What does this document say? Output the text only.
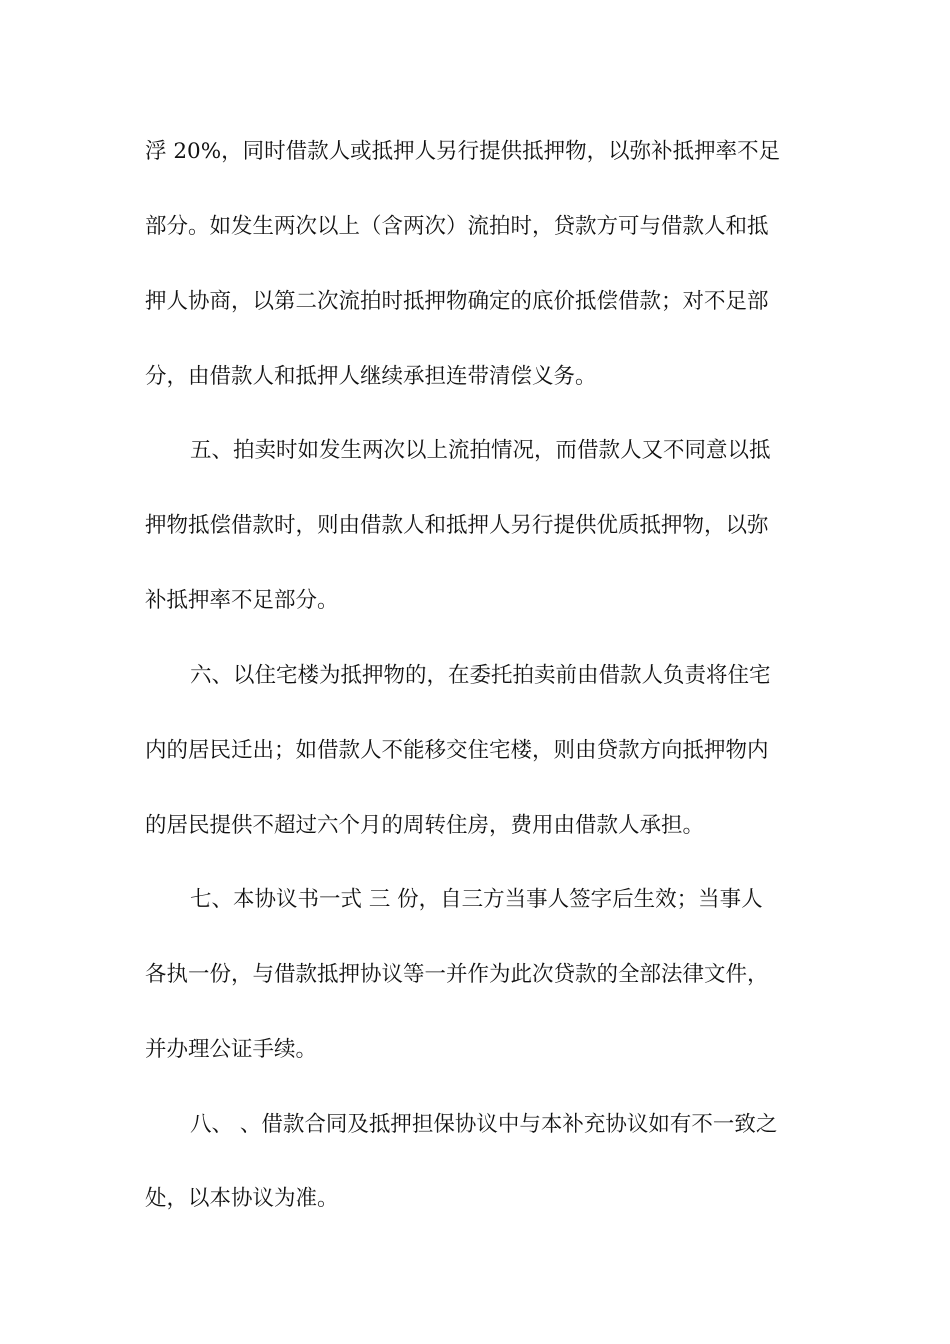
浮 20%，同时借款人或抵押人另行提供抵押物，以弥补抵押率不足
部分。如发生两次以上（含两次）流拍时，贷款方可与借款人和抵
押人协商，以第二次流拍时抵押物确定的底价抵偿借款；对不足部
分，由借款人和抵押人继续承担连带清偿义务。
五、拍卖时如发生两次以上流拍情况，而借款人又不同意以抵
押物抵偿借款时，则由借款人和抵押人另行提供优质抵押物，以弥
补抵押率不足部分。
六、以住宅楼为抵押物的，在委托拍卖前由借款人负责将住宅
内的居民迁出；如借款人不能移交住宅楼，则由贷款方向抵押物内
的居民提供不超过六个月的周转住房，费用由借款人承担。
七、本协议书一式 三 份，自三方当事人签字后生效；当事人
各执一份，与借款抵押协议等一并作为此次贷款的全部法律文件，
并办理公证手续。
八、 、借款合同及抵押担保协议中与本补充协议如有不一致之
处，以本协议为准。
